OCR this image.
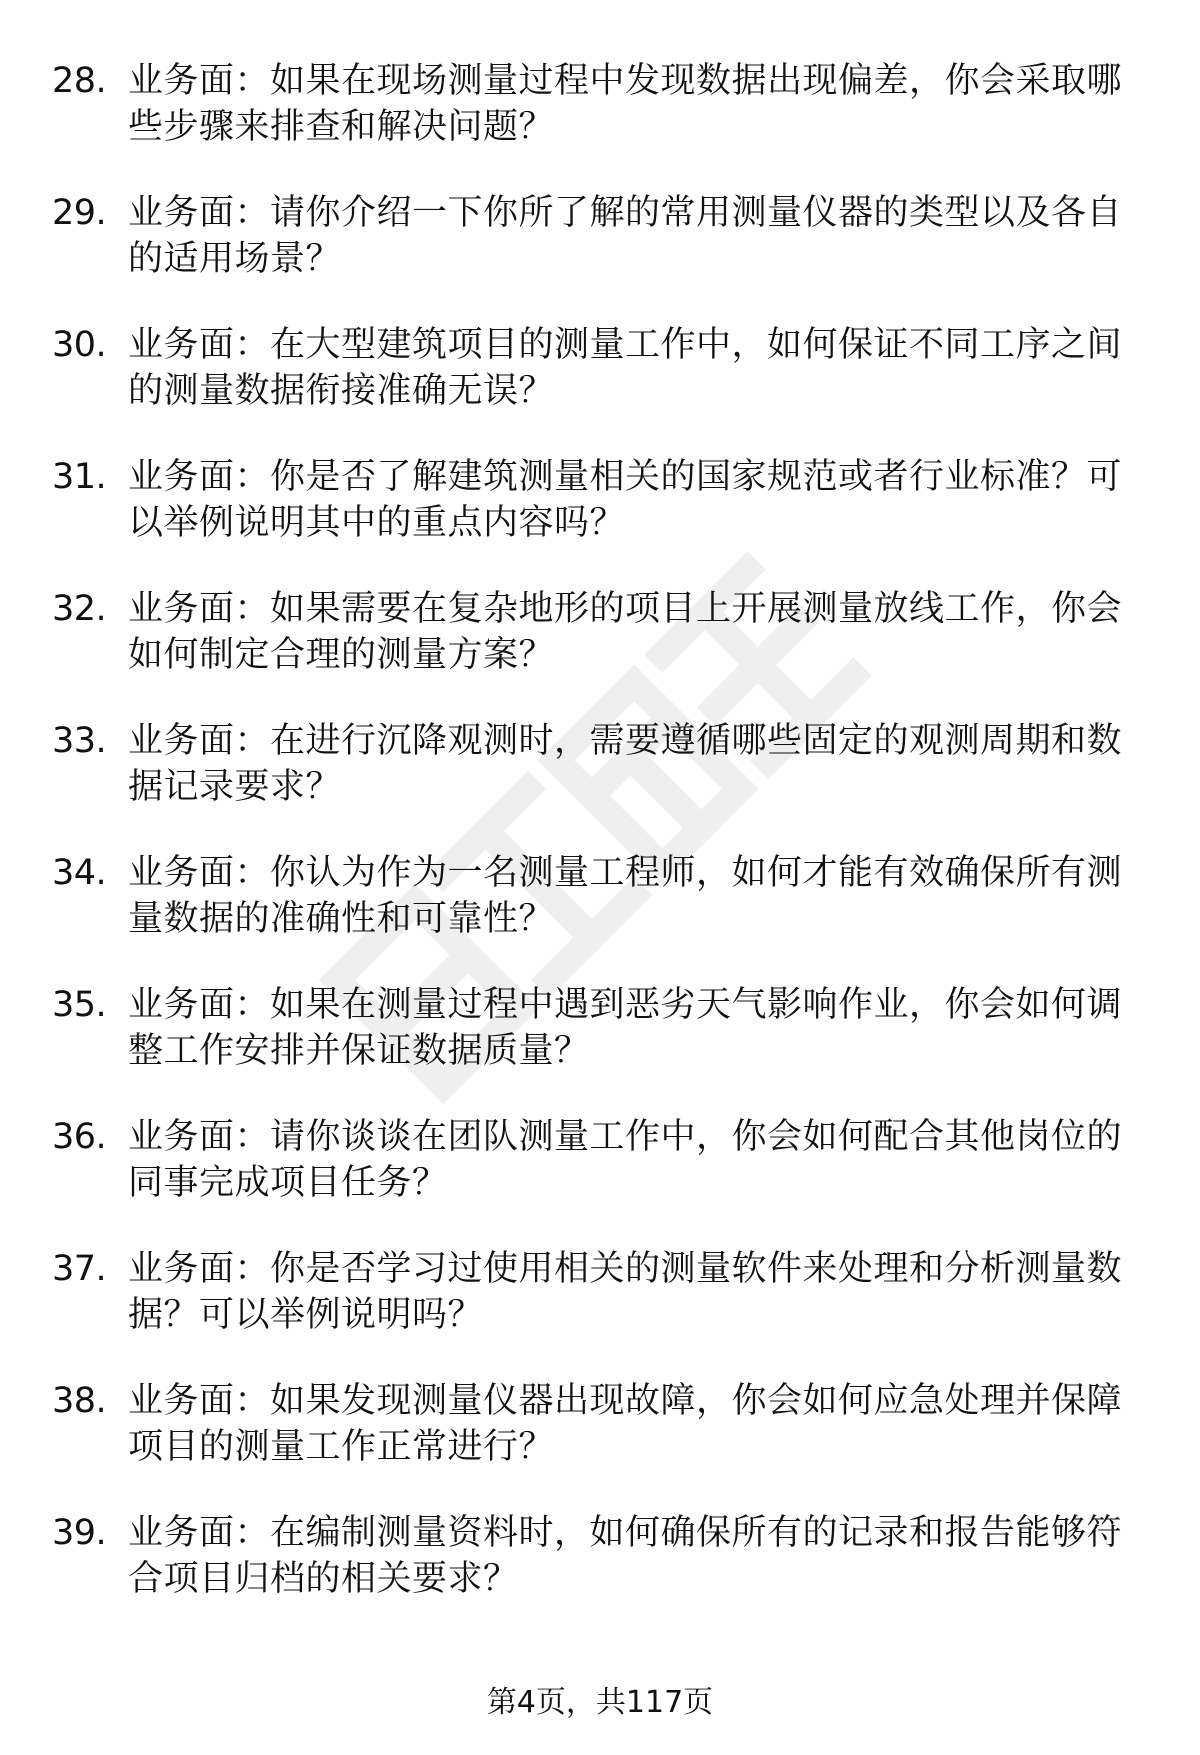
28. 业务面：如果在现场测量过程中发现数据出现偏差，你会采取哪些步骤来排查和解决问题？
29. 业务面：请你介绍一下你所了解的常用测量仪器的类型以及各自的适用场景？
30. 业务面：在大型建筑项目的测量工作中，如何保证不同工序之间的测量数据衔接准确无误？
31. 业务面：你是否了解建筑测量相关的国家规范或者行业标准？可以举例说明其中的重点内容吗？
32. 业务面：如果需要在复杂地形的项目上开展测量放线工作，你会如何制定合理的测量方案？
33. 业务面：在进行沉降观测时，需要遵循哪些固定的观测周期和数据记录要求？
34. 业务面：你认为作为一名测量工程师，如何才能有效确保所有测量数据的准确性和可靠性？
35. 业务面：如果在测量过程中遇到恶劣天气影响作业，你会如何调整工作安排并保证数据质量？
36. 业务面：请你谈谈在团队测量工作中，你会如何配合其他岗位的同事完成项目任务？
37. 业务面：你是否学习过使用相关的测量软件来处理和分析测量数据？可以举例说明吗？
38. 业务面：如果发现测量仪器出现故障，你会如何应急处理并保障项目的测量工作正常进行？
39. 业务面：在编制测量资料时，如何确保所有的记录和报告能够符合项目归档的相关要求？
第4页，共117页
